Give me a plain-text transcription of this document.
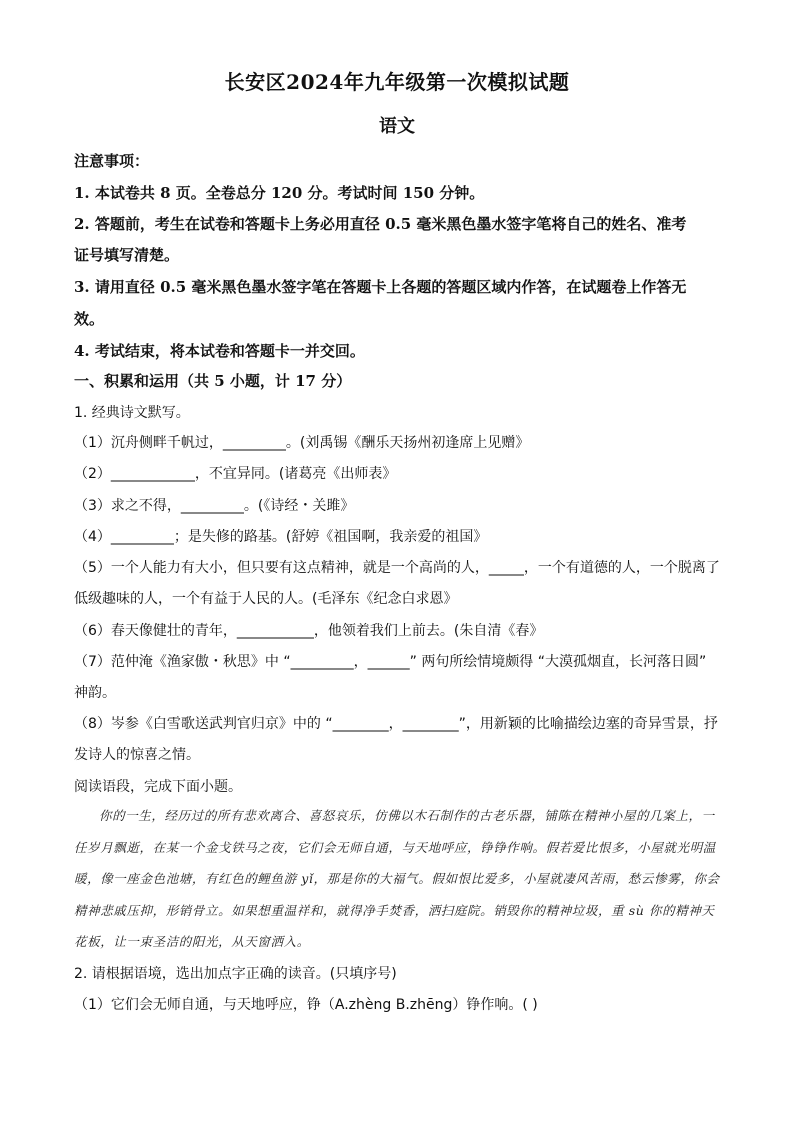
长安区2024年九年级第一次模拟试题
语文
注意事项：
1. 本试卷共 8 页。全卷总分 120 分。考试时间 150 分钟。
2. 答题前，考生在试卷和答题卡上务必用直径 0.5 毫米黑色墨水签字笔将自己的姓名、准考
证号填写清楚。
3. 请用直径 0.5 毫米黑色墨水签字笔在答题卡上各题的答题区域内作答，在试题卷上作答无
效。
4. 考试结束，将本试卷和答题卡一并交回。
一、积累和运用（共 5 小题，计 17 分）
1. 经典诗文默写。
（1）沉舟侧畔千帆过，_________。(刘禹锡《酬乐天扬州初逢席上见赠》
（2）____________，不宜异同。(诸葛亮《出师表》
（3）求之不得，_________。(《诗经・关雎》
（4）_________；是失修的路基。(舒婷《祖国啊，我亲爱的祖国》
（5）一个人能力有大小，但只要有这点精神，就是一个高尚的人，_____，一个有道德的人，一个脱离了
低级趣味的人，一个有益于人民的人。(毛泽东《纪念白求恩》
（6）春天像健壮的青年，___________，他领着我们上前去。(朱自清《春》
（7）范仲淹《渔家傲・秋思》中 “_________，______” 两句所绘情境颇得 “大漠孤烟直，长河落日圆”
神韵。
（8）岑参《白雪歌送武判官归京》中的 “________，________”，用新颖的比喻描绘边塞的奇异雪景，抒
发诗人的惊喜之情。
阅读语段，完成下面小题。
你的一生，经历过的所有悲欢离合、喜怒哀乐，仿佛以木石制作的古老乐器，铺陈在精神小屋的几案上，一任岁月飘逝，在某一个金戈铁马之夜，它们会无师自通，与天地呼应，铮铮作响。假若爱比恨多，小屋就光明温暖，像一座金色池塘，有红色的鲤鱼游 yǐ，那是你的大福气。假如恨比爱多，小屋就凄风苦雨，愁云惨雾，你会精神悲戚压抑，形销骨立。如果想重温祥和，就得净手焚香，洒扫庭院。销毁你的精神垃圾，重 sù 你的精神天花板，让一束圣洁的阳光，从天窗洒入。
2. 请根据语境，选出加点字正确的读音。(只填序号)
（1）它们会无师自通，与天地呼应，铮（A.zhèng B.zhēng）铮作响。( )
